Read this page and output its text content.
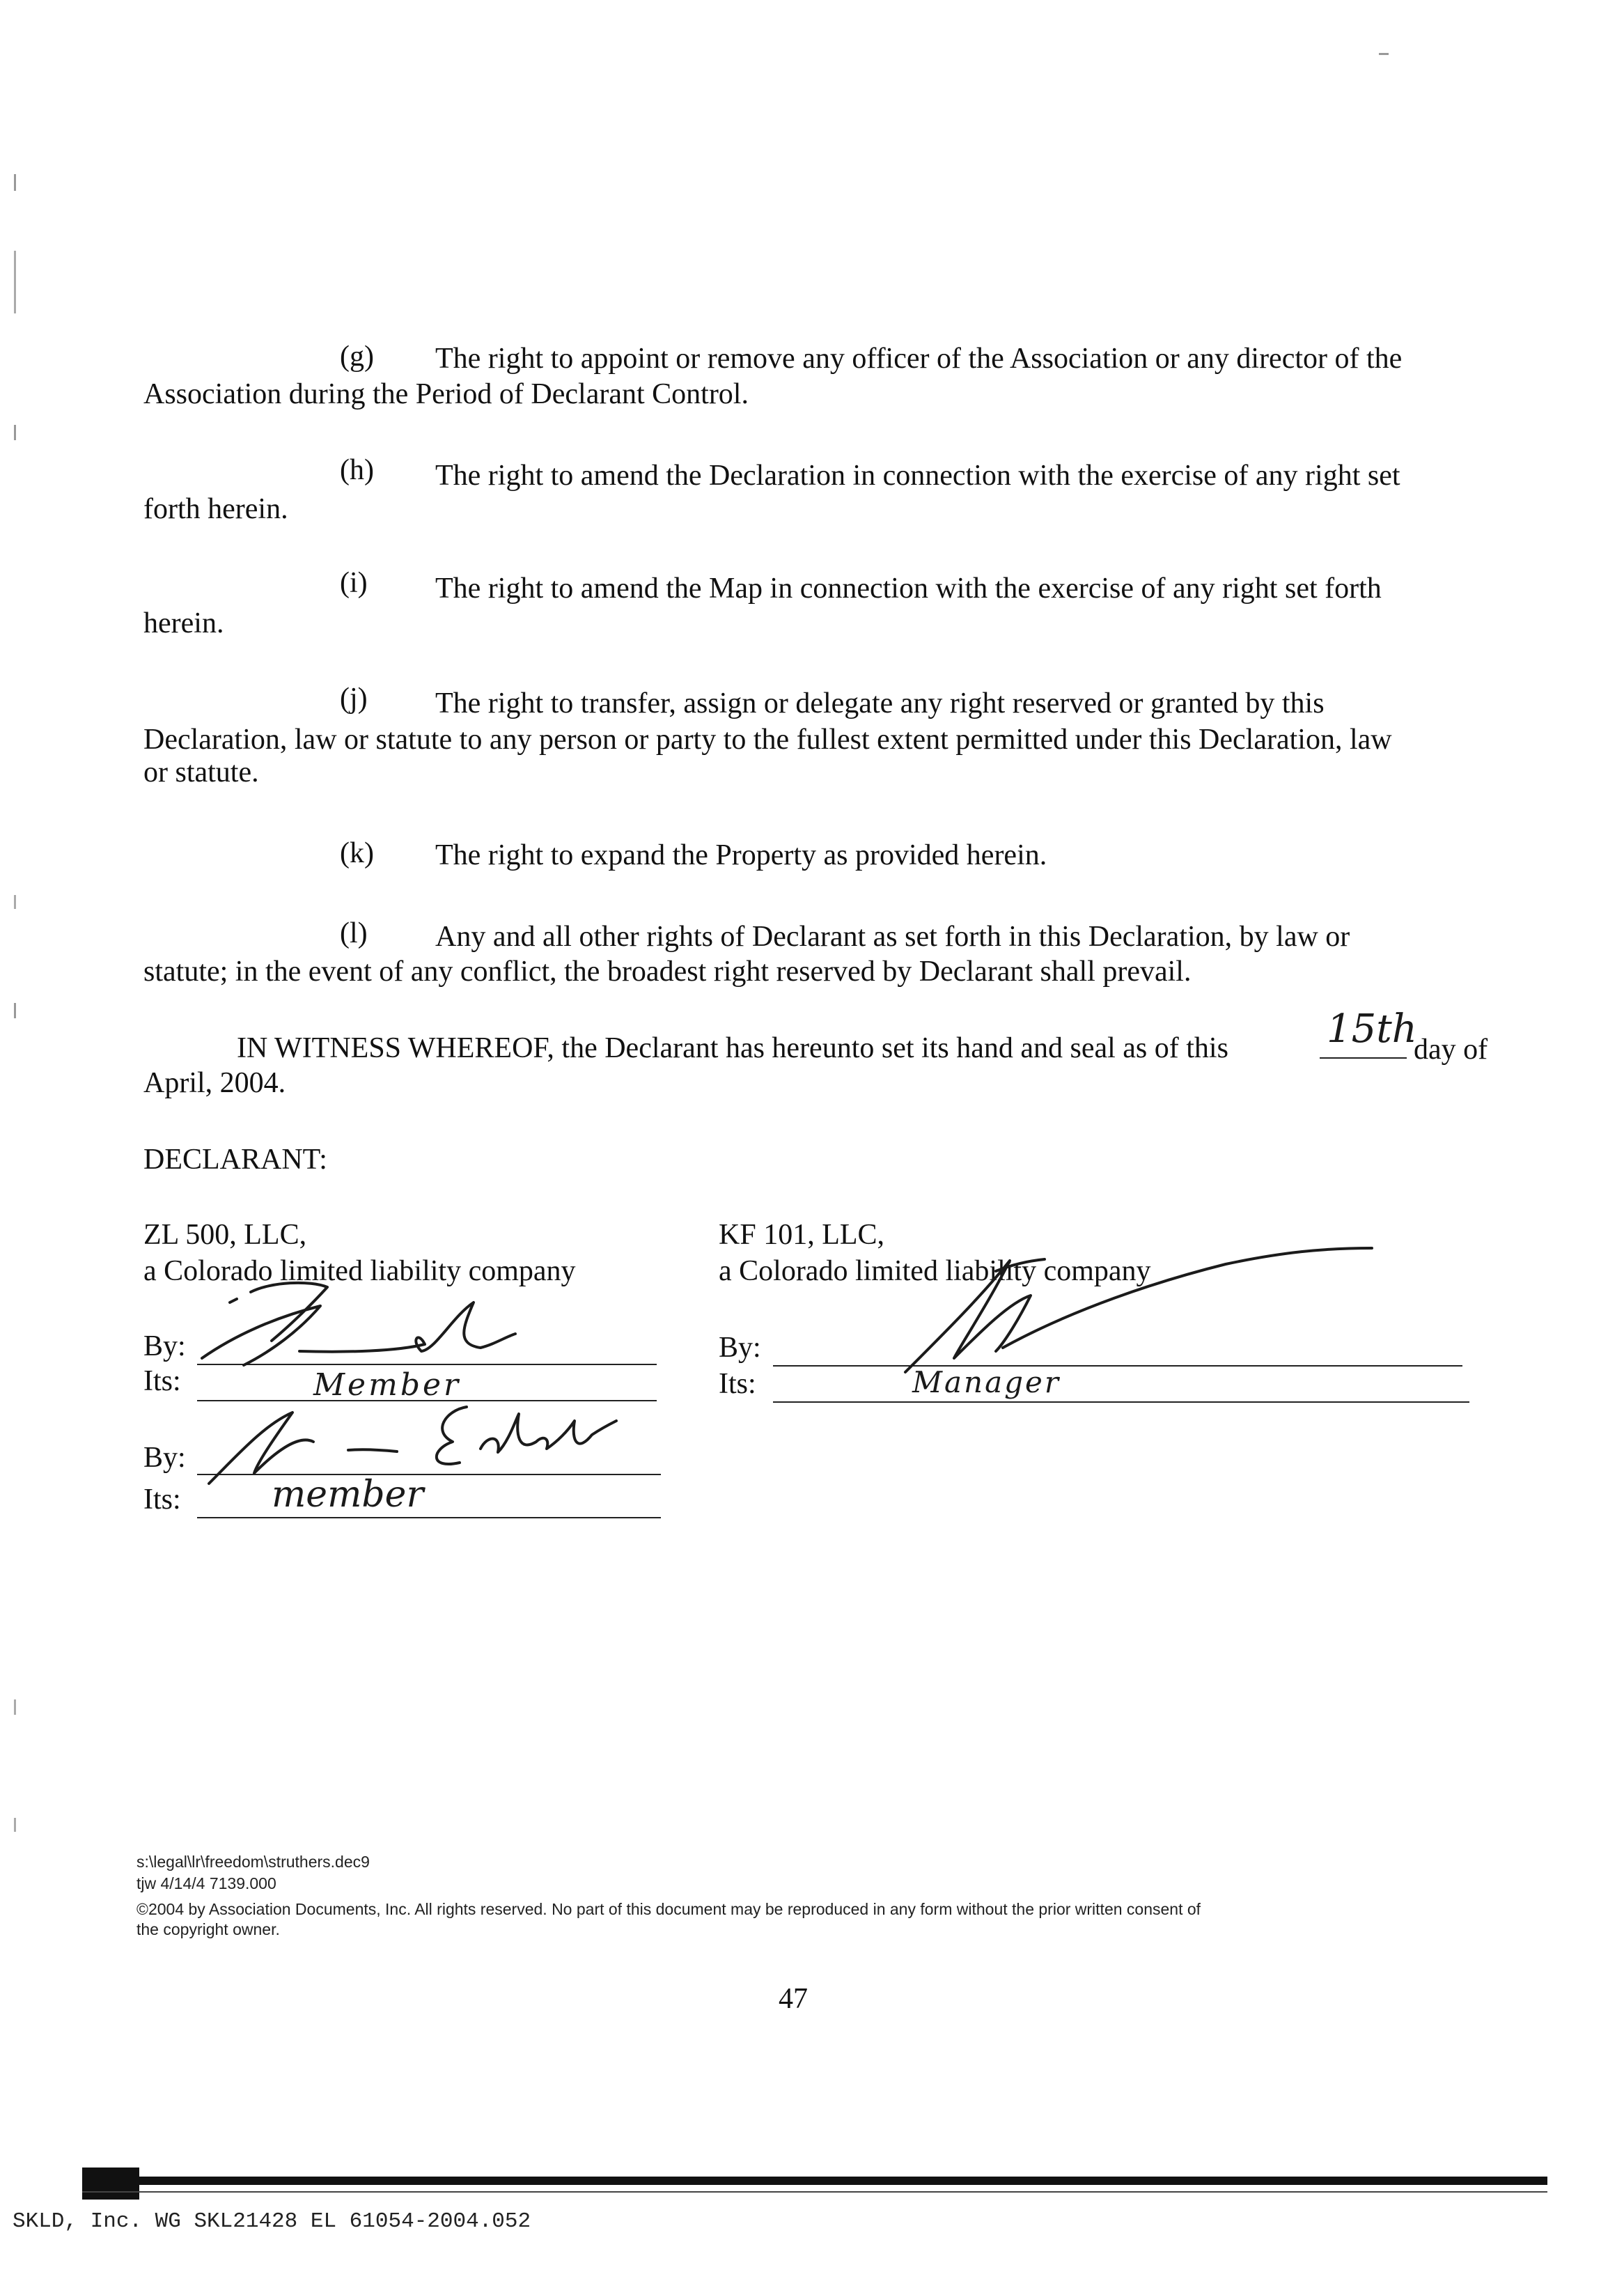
(g) The right to appoint or remove any officer of the Association or any director of the
Association during the Period of Declarant Control.
(h) The right to amend the Declaration in connection with the exercise of any right set
forth herein.
(i) The right to amend the Map in connection with the exercise of any right set forth
herein.
(j) The right to transfer, assign or delegate any right reserved or granted by this
Declaration, law or statute to any person or party to the fullest extent permitted under this Declaration, law
or statute.
(k) The right to expand the Property as provided herein.
(l) Any and all other rights of Declarant as set forth in this Declaration, by law or
statute; in the event of any conflict, the broadest right reserved by Declarant shall prevail.
IN WITNESS WHEREOF, the Declarant has hereunto set its hand and seal as of this	15th
day of
April, 2004.
DECLARANT:
ZL 500, LLC,
a Colorado limited liability company
By:
Its:	Member
By:
Its:	member
KF 101, LLC,
a Colorado limited liability company
By:
Its:	Manager
s:\legal\lr\freedom\struthers.dec9
tjw 4/14/4 7139.000
©2004 by Association Documents, Inc. All rights reserved. No part of this document may be reproduced in any form without the prior written consent of
the copyright owner.
47
SKLD, Inc. WG SKL21428 EL 61054-2004.052
